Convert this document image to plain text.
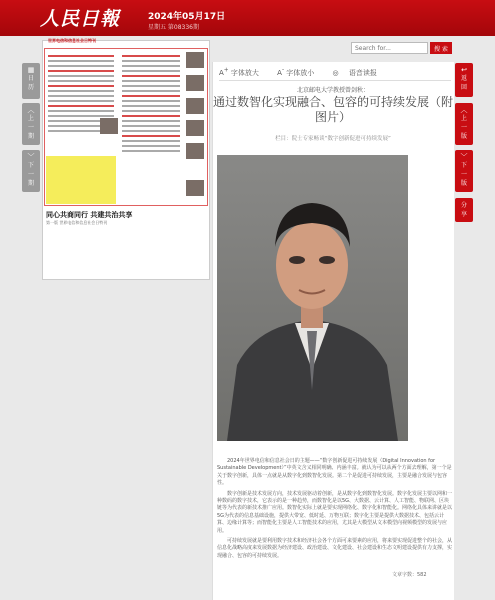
人民日報	2024年05月17日
星期五 第08336期
Search for...
搜 索
▦
日
历
︿
上
一
期
﹀
下
一
期
↩
返
回
︿
上
一
版
﹀
下
一
版
分
享
世界电信和信息社会日特刊
同心共商同行 共建共治共享
第一版 世界电信和信息社会日特刊
A+ 字体放大	A- 字体放小	◎ 语音读报
北京邮电大学教授曾剑秋：
通过数智化实现融合、包容的可持续发展（附图片）
栏目：院士专家畅谈“数字创新促进可持续发展”

2024年世界电信和信息社会日的主题——“数字创新促进可持续发展（Digital Innovation for Sustainable Development）”中英文含义相同明确、内涵丰富。就认为可以从两个方面去理解，第一个是关于数字创新，具体一点就是从数字化到数智化发展。第二个是促进可持续发展，主要是融合发展与包容性。

数字创新是技术发展方向，技术发展驱动着创新，是从数字化到数智化发展。数字化发展主要以网和一种数码的数字技术，它表示的是一种趋势，而数智化是以5G、大数据、云计算、人工智能、物联网、区块链等为代表的新技术推广应用。数智化实际上就是要实现网络化、数字化和智能化。网络化具体来讲就是以5G为代表的信息基础设施，提供大带宽、低时延、万物互联；数字化主要是提供大数据技术、包括云计算、边缘计算等；而智能化主要是人工智能技术的应用，尤其是大模型从文本模型向视频模型的发展与应用。

可持续发展就是要利用数字技术和经济社会各个方面可来要素的应用，将来要实现促进整个的社会，从信息化战略高度来发展数据为经济建设、政治建设、文化建设、社会建设和生态文明建设提供有力支撑，实现融合、包容的可持续发展。

文章字数：582
